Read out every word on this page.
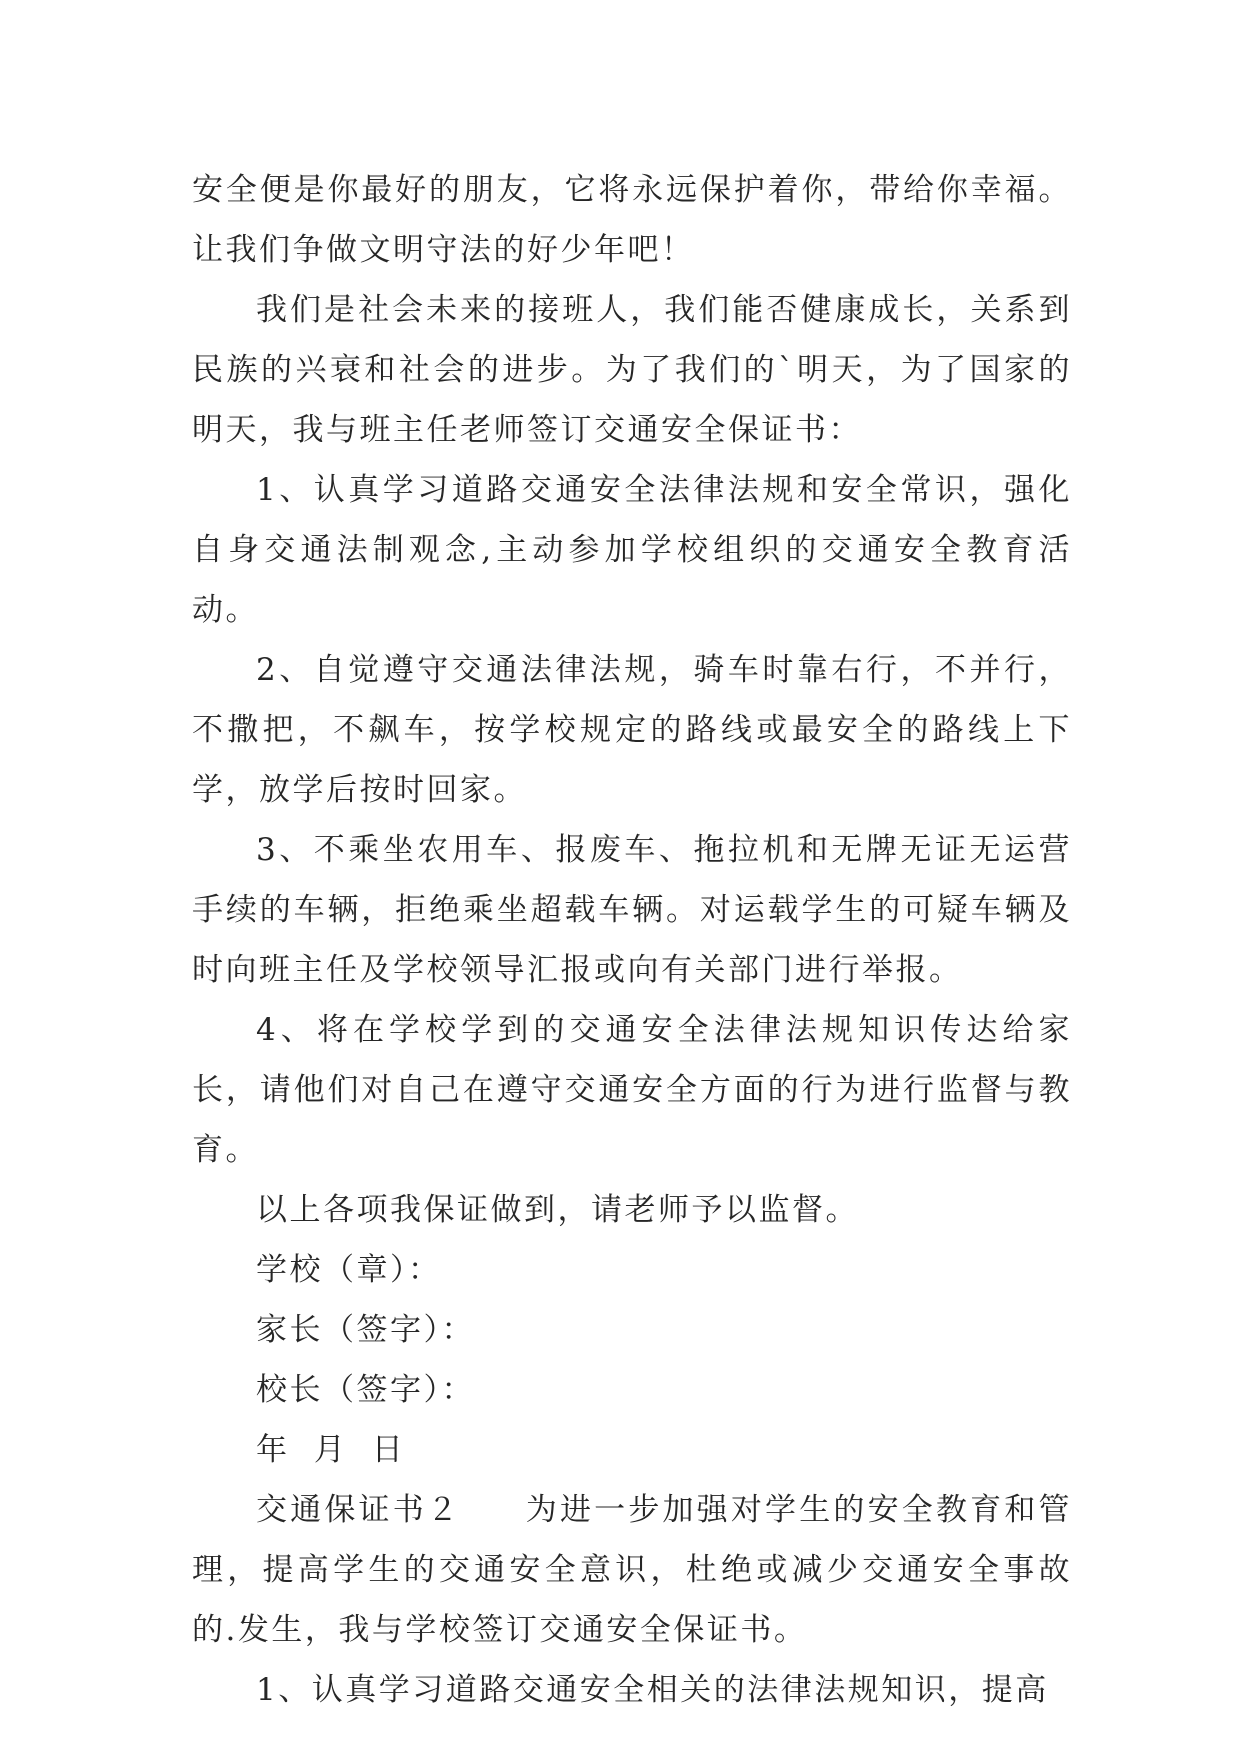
安全便是你最好的朋友，它将永远保护着你，带给你幸福。让我们争做文明守法的好少年吧！

我们是社会未来的接班人，我们能否健康成长，关系到民族的兴衰和社会的进步。为了我们的`明天，为了国家的明天，我与班主任老师签订交通安全保证书：

1、认真学习道路交通安全法律法规和安全常识，强化自身交通法制观念,主动参加学校组织的交通安全教育活动。

2、自觉遵守交通法律法规，骑车时靠右行，不并行，不撒把，不飙车，按学校规定的路线或最安全的路线上下学，放学后按时回家。

3、不乘坐农用车、报废车、拖拉机和无牌无证无运营手续的车辆，拒绝乘坐超载车辆。对运载学生的可疑车辆及时向班主任及学校领导汇报或向有关部门进行举报。

4、将在学校学到的交通安全法律法规知识传达给家长，请他们对自己在遵守交通安全方面的行为进行监督与教育。

以上各项我保证做到，请老师予以监督。

学校（章）：

家长（签字）：

校长（签字）：

年 月 日

交通保证书２ 为进一步加强对学生的安全教育和管理，提高学生的交通安全意识，杜绝或减少交通安全事故的.发生，我与学校签订交通安全保证书。

1、认真学习道路交通安全相关的法律法规知识，提高
